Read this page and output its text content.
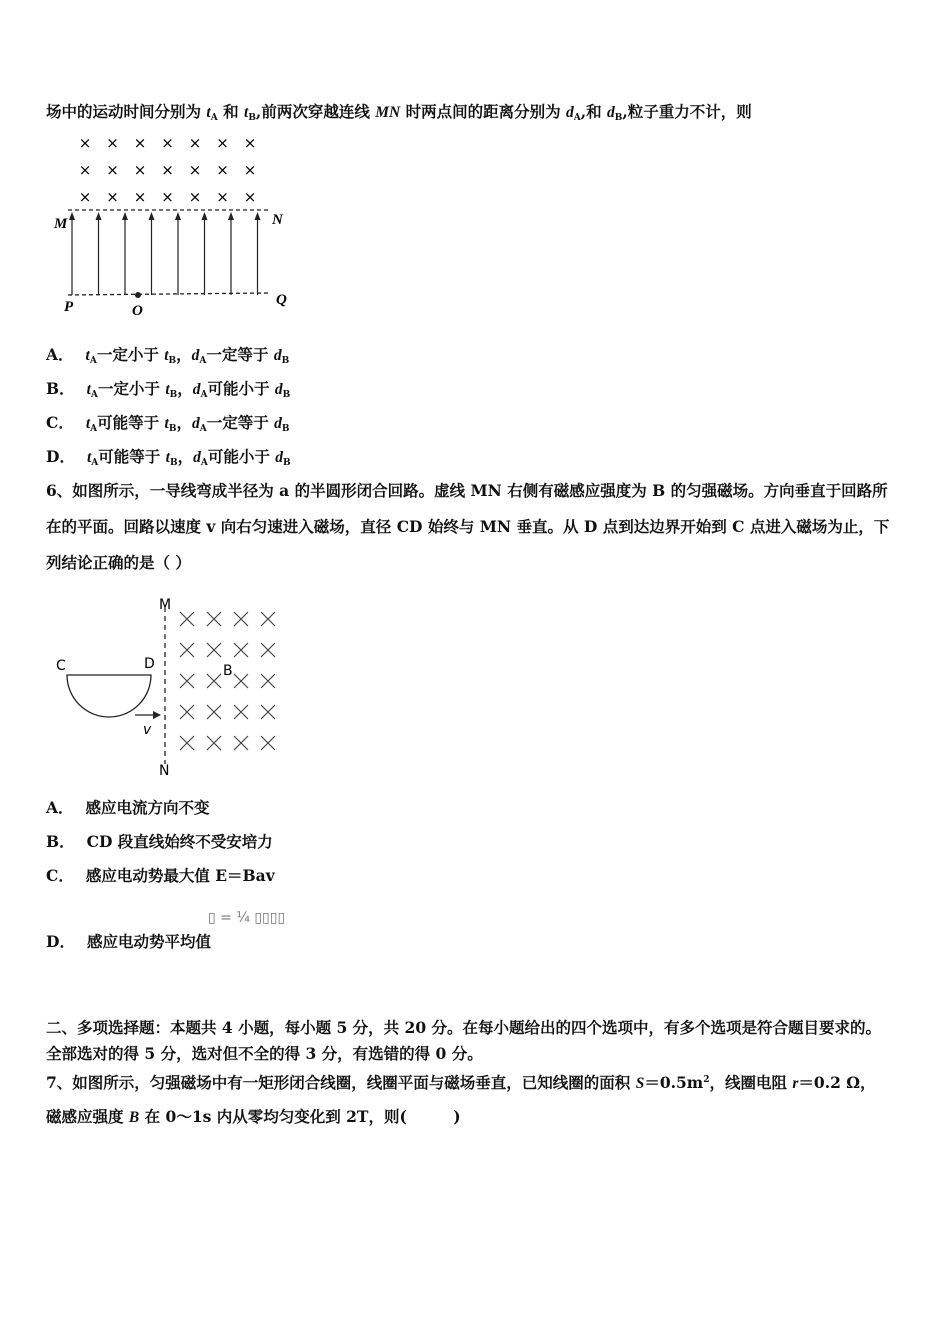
场中的运动时间分别为 $t_A$ 和 $t_B$,前两次穿越连线 MN 时两点间的距离分别为 $d_A$,和 $d_B$,粒子重力不计，则
× × × × × × ×
× × × × × × ×
× × × × × × ×
M	N
P	O
Q
A． $t_A$一定小于 $t_B$，$d_A$一定等于 $d_B$
B． $t_A$一定小于 $t_B$，$d_A$可能小于 $d_B$
C． $t_A$可能等于 $t_B$，$d_A$一定等于 $d_B$
D． $t_A$可能等于 $t_B$，$d_A$可能小于 $d_B$
6、如图所示，一导线弯成半径为 a 的半圆形闭合回路。虚线 MN 右侧有磁感应强度为 B 的匀强磁场。方向垂直于回路所
在的平面。回路以速度 v 向右匀速进入磁场，直径 CD 始终与 MN 垂直。从 D 点到达边界开始到 C 点进入磁场为止，下
列结论正确的是（ ）
M
N
C	D	B
v
A． 感应电流方向不变
B． CD 段直线始终不受安培力
C． 感应电动势最大值 E＝Bav
D． 感应电动势平均值
▯ = ¼ ▯▯▯▯
二、多项选择题：本题共 4 小题，每小题 5 分，共 20 分。在每小题给出的四个选项中，有多个选项是符合题目要求的。
全部选对的得 5 分，选对但不全的得 3 分，有选错的得 0 分。
7、如图所示，匀强磁场中有一矩形闭合线圈，线圈平面与磁场垂直，已知线圈的面积 $S=0.5m^2$，线圈电阻 r＝0.2 Ω，
磁感应强度 B 在 0～1s 内从零均匀变化到 2T，则(　　　)
